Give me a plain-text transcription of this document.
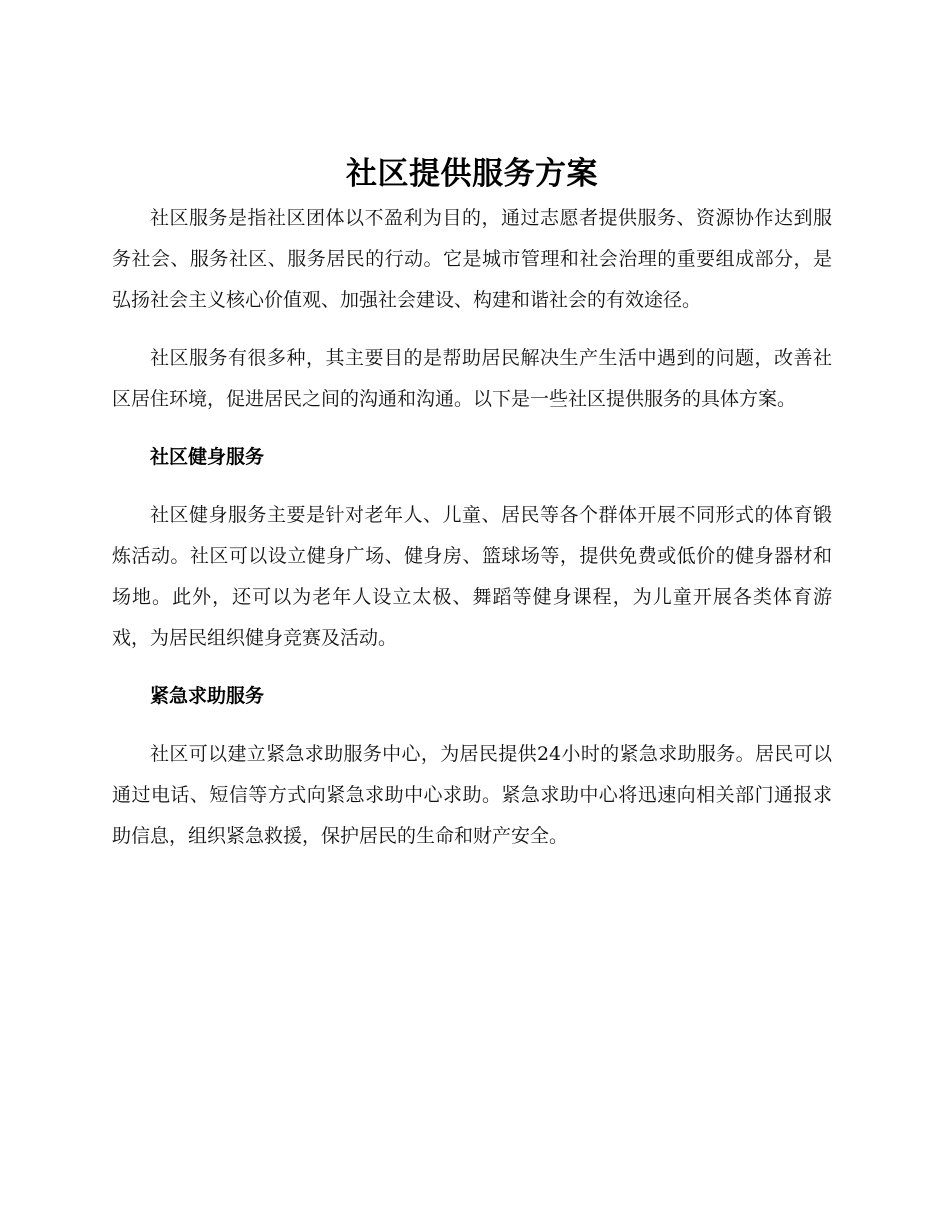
社区提供服务方案

社区服务是指社区团体以不盈利为目的，通过志愿者提供服务、资源协作达到服务社会、服务社区、服务居民的行动。它是城市管理和社会治理的重要组成部分，是弘扬社会主义核心价值观、加强社会建设、构建和谐社会的有效途径。

社区服务有很多种，其主要目的是帮助居民解决生产生活中遇到的问题，改善社区居住环境，促进居民之间的沟通和沟通。以下是一些社区提供服务的具体方案。

社区健身服务

社区健身服务主要是针对老年人、儿童、居民等各个群体开展不同形式的体育锻炼活动。社区可以设立健身广场、健身房、篮球场等，提供免费或低价的健身器材和场地。此外，还可以为老年人设立太极、舞蹈等健身课程，为儿童开展各类体育游戏，为居民组织健身竞赛及活动。

紧急求助服务

社区可以建立紧急求助服务中心，为居民提供24小时的紧急求助服务。居民可以通过电话、短信等方式向紧急求助中心求助。紧急求助中心将迅速向相关部门通报求助信息，组织紧急救援，保护居民的生命和财产安全。
